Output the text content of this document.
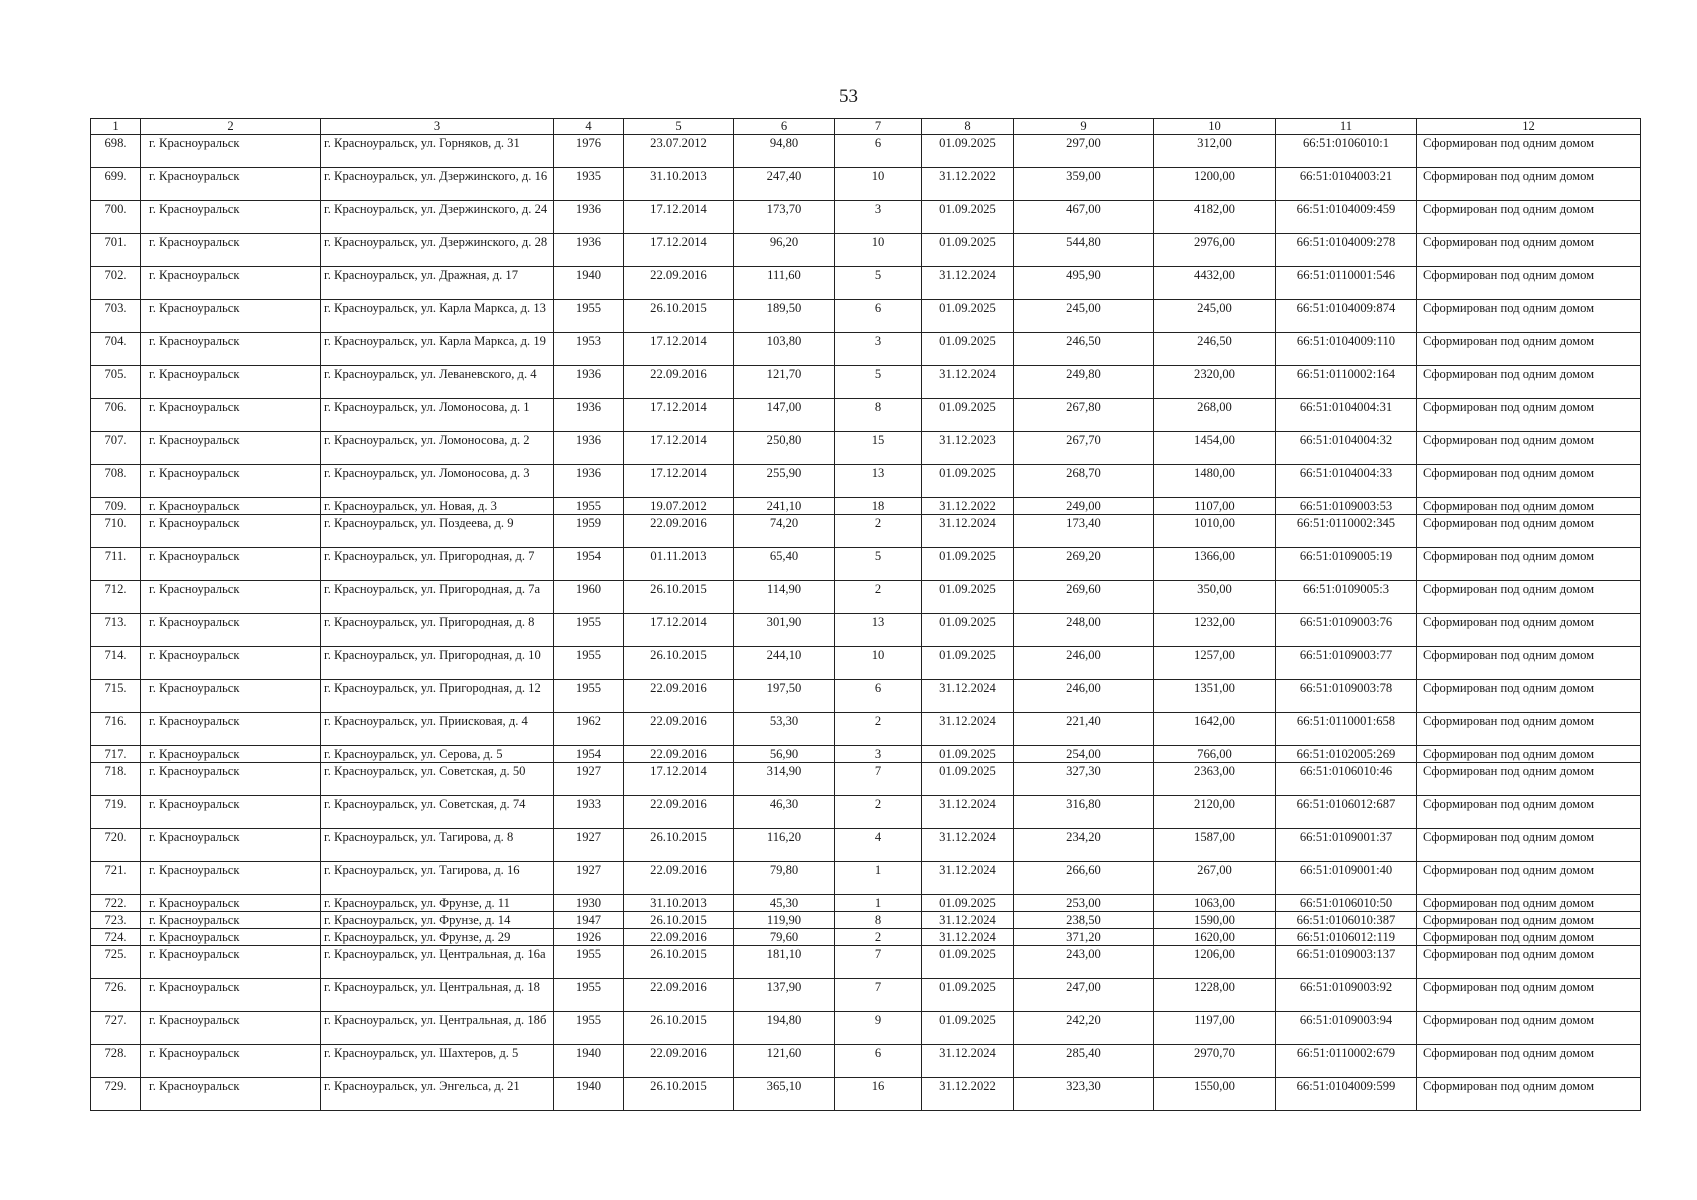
53
1	2	3	4	5	6	7	8	9	10	11	12
698.	г. Красноуральск	г. Красноуральск, ул. Горняков, д. 31	1976	23.07.2012	94,80	6	01.09.2025	297,00	312,00	66:51:0106010:1	Сформирован под одним домом
699.	г. Красноуральск	г. Красноуральск, ул. Дзержинского, д. 16	1935	31.10.2013	247,40	10	31.12.2022	359,00	1200,00	66:51:0104003:21	Сформирован под одним домом
700.	г. Красноуральск	г. Красноуральск, ул. Дзержинского, д. 24	1936	17.12.2014	173,70	3	01.09.2025	467,00	4182,00	66:51:0104009:459	Сформирован под одним домом
701.	г. Красноуральск	г. Красноуральск, ул. Дзержинского, д. 28	1936	17.12.2014	96,20	10	01.09.2025	544,80	2976,00	66:51:0104009:278	Сформирован под одним домом
702.	г. Красноуральск	г. Красноуральск, ул. Дражная, д. 17	1940	22.09.2016	111,60	5	31.12.2024	495,90	4432,00	66:51:0110001:546	Сформирован под одним домом
703.	г. Красноуральск	г. Красноуральск, ул. Карла Маркса, д. 13	1955	26.10.2015	189,50	6	01.09.2025	245,00	245,00	66:51:0104009:874	Сформирован под одним домом
704.	г. Красноуральск	г. Красноуральск, ул. Карла Маркса, д. 19	1953	17.12.2014	103,80	3	01.09.2025	246,50	246,50	66:51:0104009:110	Сформирован под одним домом
705.	г. Красноуральск	г. Красноуральск, ул. Леваневского, д. 4	1936	22.09.2016	121,70	5	31.12.2024	249,80	2320,00	66:51:0110002:164	Сформирован под одним домом
706.	г. Красноуральск	г. Красноуральск, ул. Ломоносова, д. 1	1936	17.12.2014	147,00	8	01.09.2025	267,80	268,00	66:51:0104004:31	Сформирован под одним домом
707.	г. Красноуральск	г. Красноуральск, ул. Ломоносова, д. 2	1936	17.12.2014	250,80	15	31.12.2023	267,70	1454,00	66:51:0104004:32	Сформирован под одним домом
708.	г. Красноуральск	г. Красноуральск, ул. Ломоносова, д. 3	1936	17.12.2014	255,90	13	01.09.2025	268,70	1480,00	66:51:0104004:33	Сформирован под одним домом
709.	г. Красноуральск	г. Красноуральск, ул. Новая, д. 3	1955	19.07.2012	241,10	18	31.12.2022	249,00	1107,00	66:51:0109003:53	Сформирован под одним домом
710.	г. Красноуральск	г. Красноуральск, ул. Поздеева, д. 9	1959	22.09.2016	74,20	2	31.12.2024	173,40	1010,00	66:51:0110002:345	Сформирован под одним домом
711.	г. Красноуральск	г. Красноуральск, ул. Пригородная, д. 7	1954	01.11.2013	65,40	5	01.09.2025	269,20	1366,00	66:51:0109005:19	Сформирован под одним домом
712.	г. Красноуральск	г. Красноуральск, ул. Пригородная, д. 7а	1960	26.10.2015	114,90	2	01.09.2025	269,60	350,00	66:51:0109005:3	Сформирован под одним домом
713.	г. Красноуральск	г. Красноуральск, ул. Пригородная, д. 8	1955	17.12.2014	301,90	13	01.09.2025	248,00	1232,00	66:51:0109003:76	Сформирован под одним домом
714.	г. Красноуральск	г. Красноуральск, ул. Пригородная, д. 10	1955	26.10.2015	244,10	10	01.09.2025	246,00	1257,00	66:51:0109003:77	Сформирован под одним домом
715.	г. Красноуральск	г. Красноуральск, ул. Пригородная, д. 12	1955	22.09.2016	197,50	6	31.12.2024	246,00	1351,00	66:51:0109003:78	Сформирован под одним домом
716.	г. Красноуральск	г. Красноуральск, ул. Приисковая, д. 4	1962	22.09.2016	53,30	2	31.12.2024	221,40	1642,00	66:51:0110001:658	Сформирован под одним домом
717.	г. Красноуральск	г. Красноуральск, ул. Серова, д. 5	1954	22.09.2016	56,90	3	01.09.2025	254,00	766,00	66:51:0102005:269	Сформирован под одним домом
718.	г. Красноуральск	г. Красноуральск, ул. Советская, д. 50	1927	17.12.2014	314,90	7	01.09.2025	327,30	2363,00	66:51:0106010:46	Сформирован под одним домом
719.	г. Красноуральск	г. Красноуральск, ул. Советская, д. 74	1933	22.09.2016	46,30	2	31.12.2024	316,80	2120,00	66:51:0106012:687	Сформирован под одним домом
720.	г. Красноуральск	г. Красноуральск, ул. Тагирова, д. 8	1927	26.10.2015	116,20	4	31.12.2024	234,20	1587,00	66:51:0109001:37	Сформирован под одним домом
721.	г. Красноуральск	г. Красноуральск, ул. Тагирова, д. 16	1927	22.09.2016	79,80	1	31.12.2024	266,60	267,00	66:51:0109001:40	Сформирован под одним домом
722.	г. Красноуральск	г. Красноуральск, ул. Фрунзе, д. 11	1930	31.10.2013	45,30	1	01.09.2025	253,00	1063,00	66:51:0106010:50	Сформирован под одним домом
723.	г. Красноуральск	г. Красноуральск, ул. Фрунзе, д. 14	1947	26.10.2015	119,90	8	31.12.2024	238,50	1590,00	66:51:0106010:387	Сформирован под одним домом
724.	г. Красноуральск	г. Красноуральск, ул. Фрунзе, д. 29	1926	22.09.2016	79,60	2	31.12.2024	371,20	1620,00	66:51:0106012:119	Сформирован под одним домом
725.	г. Красноуральск	г. Красноуральск, ул. Центральная, д. 16а	1955	26.10.2015	181,10	7	01.09.2025	243,00	1206,00	66:51:0109003:137	Сформирован под одним домом
726.	г. Красноуральск	г. Красноуральск, ул. Центральная, д. 18	1955	22.09.2016	137,90	7	01.09.2025	247,00	1228,00	66:51:0109003:92	Сформирован под одним домом
727.	г. Красноуральск	г. Красноуральск, ул. Центральная, д. 18б	1955	26.10.2015	194,80	9	01.09.2025	242,20	1197,00	66:51:0109003:94	Сформирован под одним домом
728.	г. Красноуральск	г. Красноуральск, ул. Шахтеров, д. 5	1940	22.09.2016	121,60	6	31.12.2024	285,40	2970,70	66:51:0110002:679	Сформирован под одним домом
729.	г. Красноуральск	г. Красноуральск, ул. Энгельса, д. 21	1940	26.10.2015	365,10	16	31.12.2022	323,30	1550,00	66:51:0104009:599	Сформирован под одним домом
